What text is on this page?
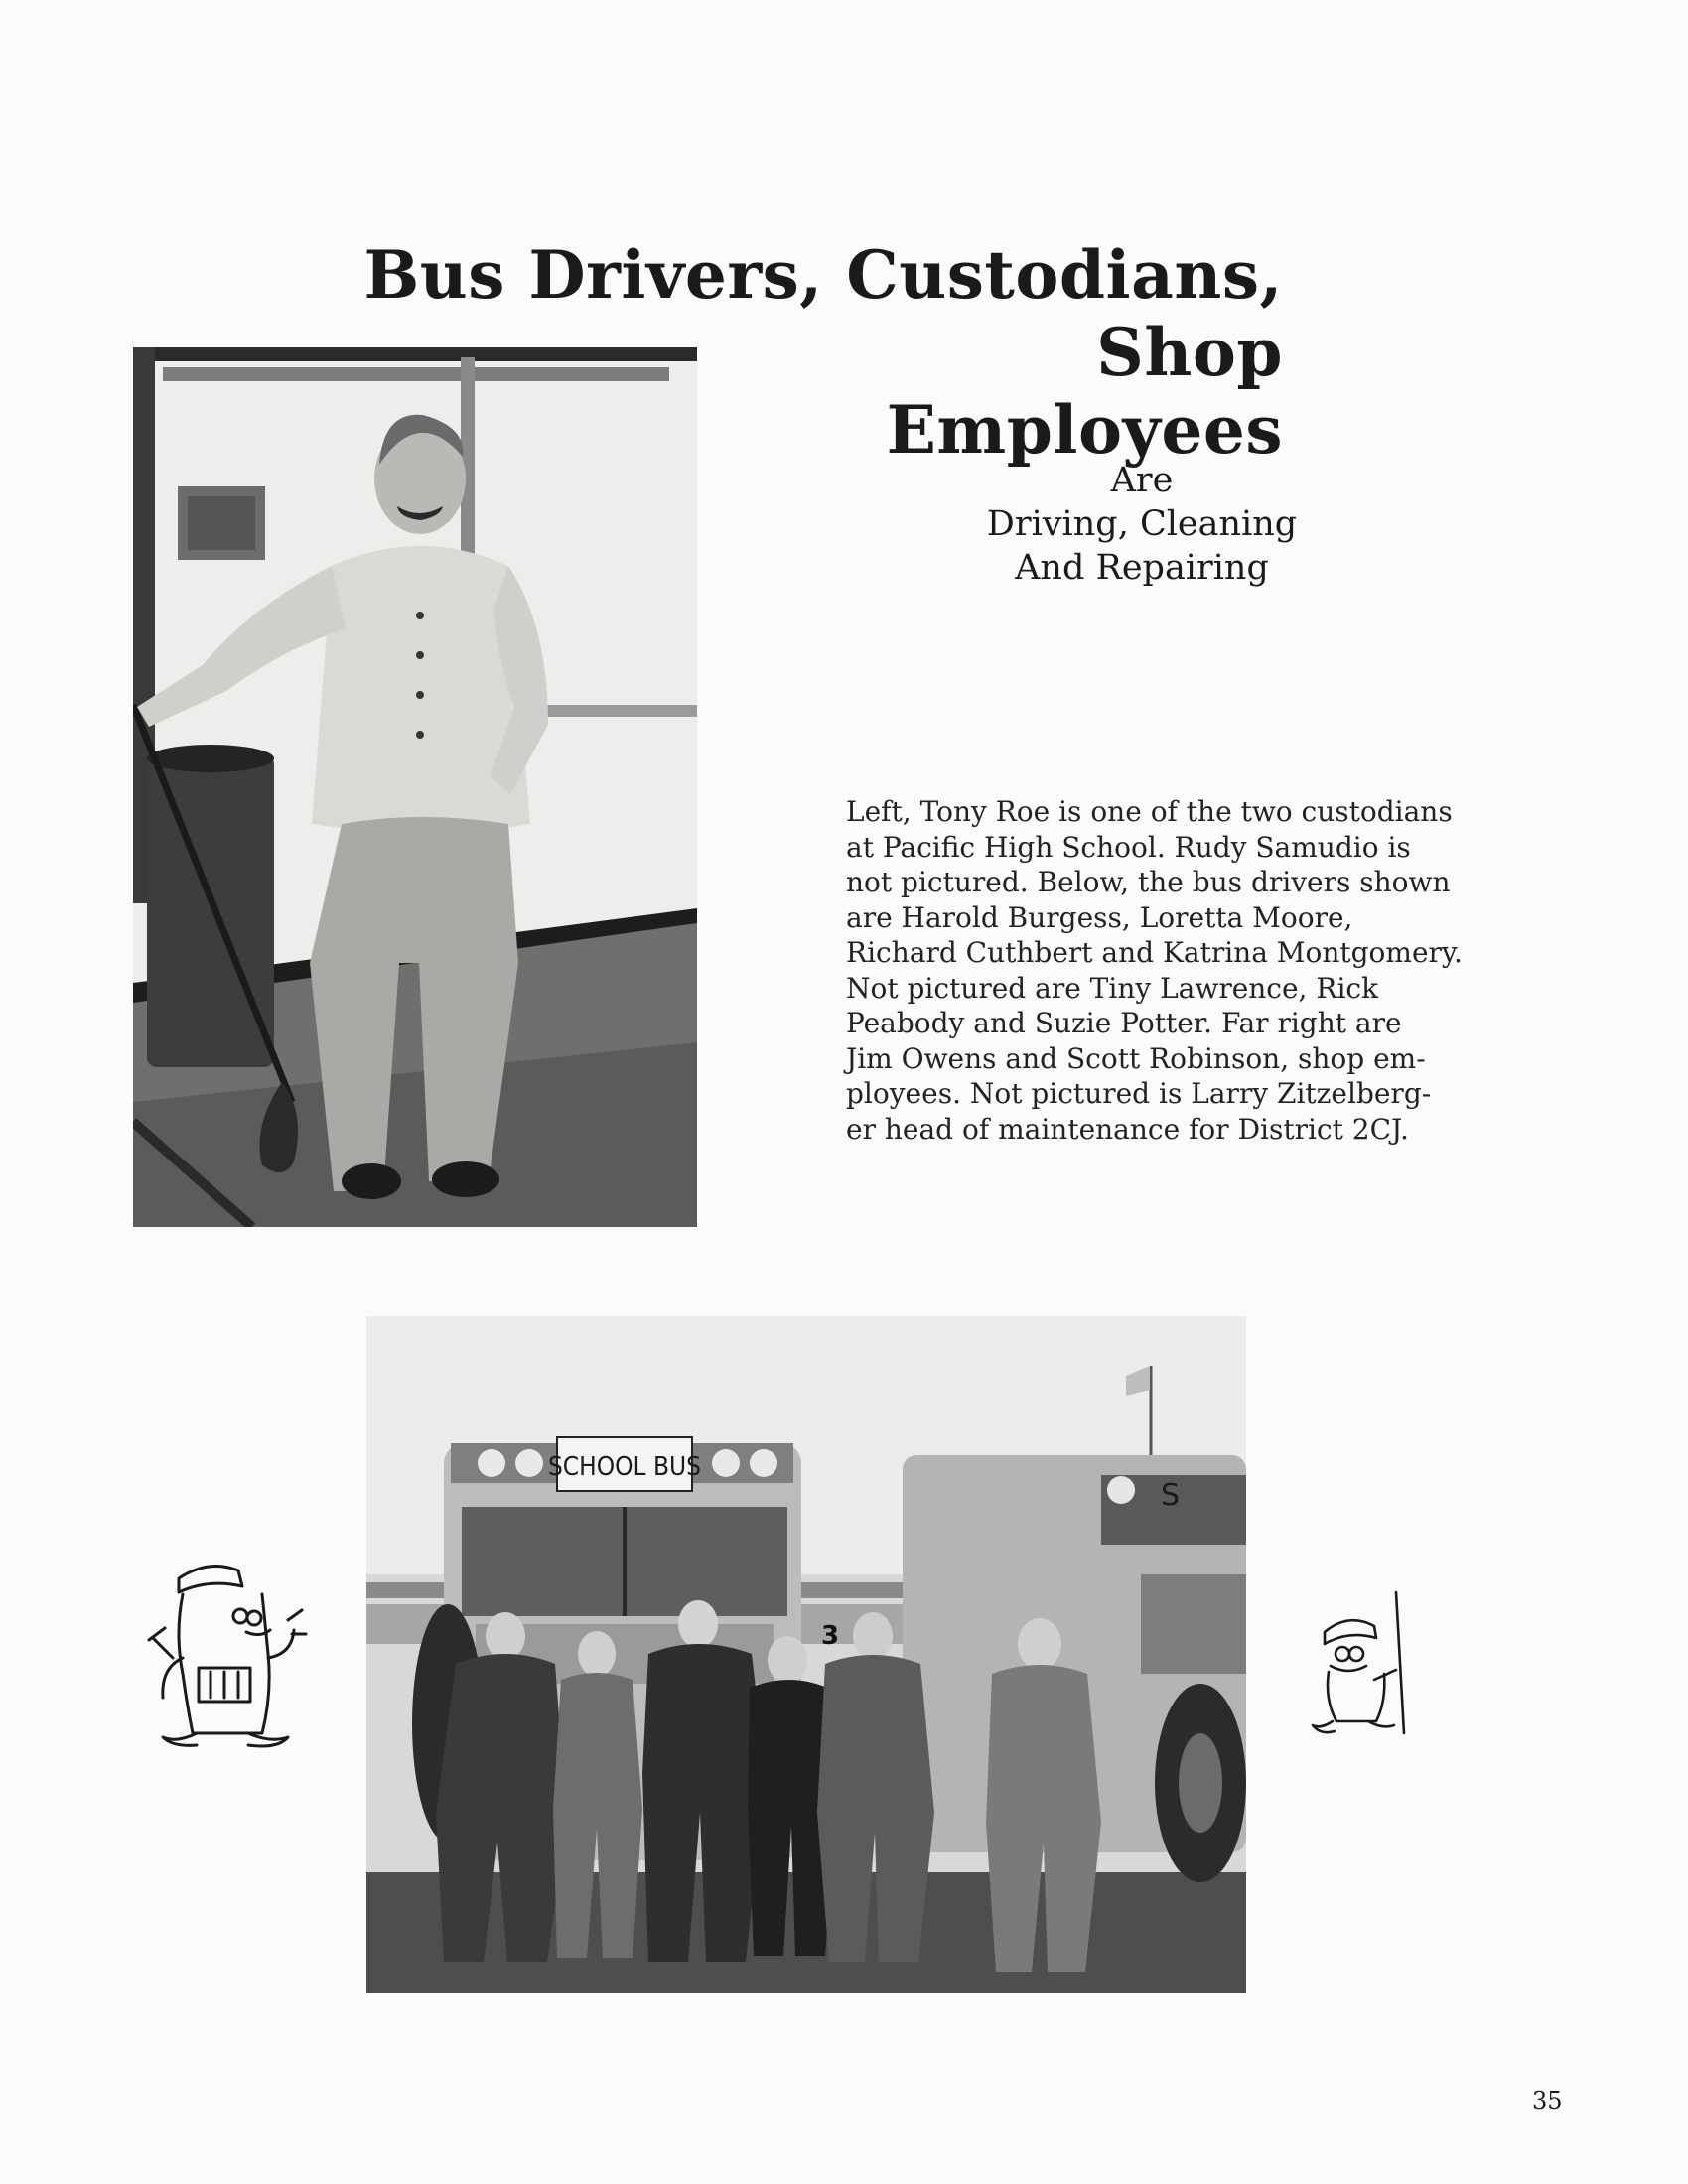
Bus Drivers, Custodians, Shop
Employees

Are
Driving, Cleaning
And Repairing

Left, Tony Roe is one of the two custodians
at Pacific High School. Rudy Samudio is
not pictured. Below, the bus drivers shown
are Harold Burgess, Loretta Moore,
Richard Cuthbert and Katrina Montgomery.
Not pictured are Tiny Lawrence, Rick
Peabody and Suzie Potter. Far right are
Jim Owens and Scott Robinson, shop em-
ployees. Not pictured is Larry Zitzelberg-
er head of maintenance for District 2CJ.
SCHOOL BUS
3
S

35
